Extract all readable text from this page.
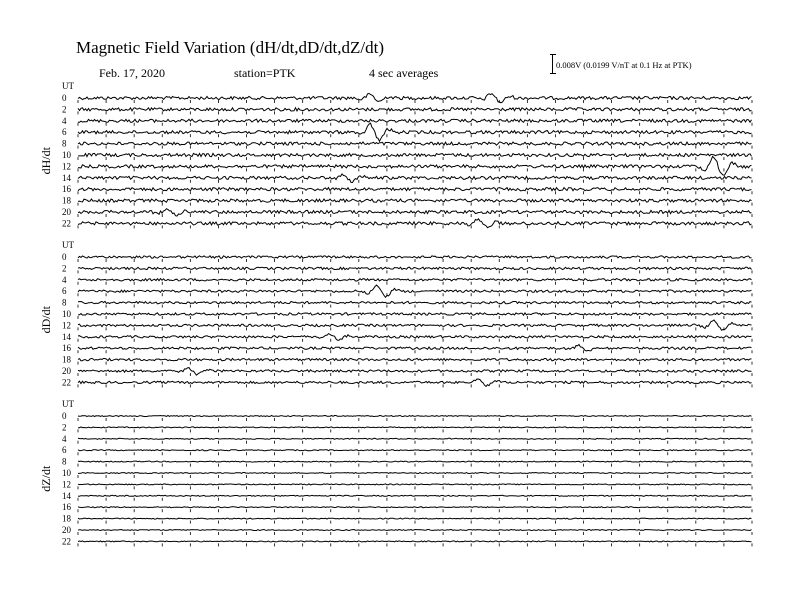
Magnetic Field Variation (dH/dt,dD/dt,dZ/dt)
Feb. 17, 2020	station=PTK	4 sec averages
0.008V (0.0199 V/nT at 0.1 Hz at PTK)
UT
dH/dt
0
2
4
6
8
10
12
14
16
18
20
22
UT
dD/dt
0
2
4
6
8
10
12
14
16
18
20
22
UT
dZ/dt
0
2
4
6
8
10
12
14
16
18
20
22
